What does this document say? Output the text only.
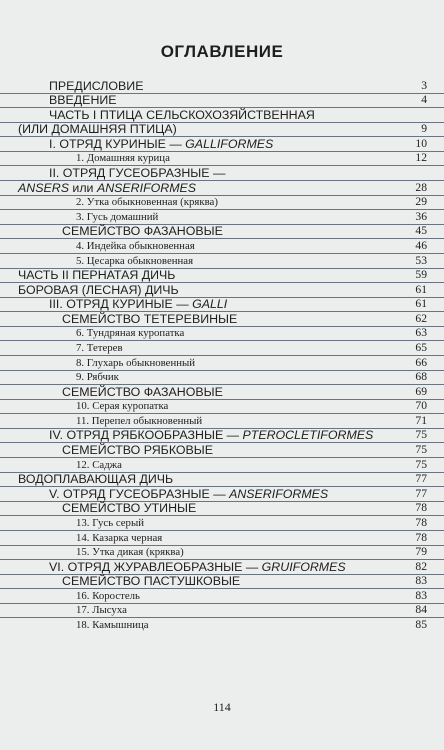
ОГЛАВЛЕНИЕ
ПРЕДИСЛОВИЕ	3
ВВЕДЕНИЕ	4
ЧАСТЬ I ПТИЦА СЕЛЬСКОХОЗЯЙСТВЕННАЯ
(ИЛИ ДОМАШНЯЯ ПТИЦА)	9
I. ОТРЯД КУРИНЫЕ — GALLIFORMES	10
1. Домашняя курица	12
II. ОТРЯД ГУСЕОБРАЗНЫЕ —
ANSERS или ANSERIFORMES	28
2. Утка обыкновенная (кряква)	29
3. Гусь домашний	36
СЕМЕЙСТВО ФАЗАНОВЫЕ	45
4. Индейка обыкновенная	46
5. Цесарка обыкновенная	53
ЧАСТЬ II ПЕРНАТАЯ ДИЧЬ	59
БОРОВАЯ (ЛЕСНАЯ) ДИЧЬ	61
III. ОТРЯД КУРИНЫЕ — GALLI	61
СЕМЕЙСТВО ТЕТЕРЕВИНЫЕ	62
6. Тундряная куропатка	63
7. Тетерев	65
8. Глухарь обыкновенный	66
9. Рябчик	68
СЕМЕЙСТВО ФАЗАНОВЫЕ	69
10. Серая куропатка	70
11. Перепел обыкновенный	71
IV. ОТРЯД РЯБКООБРАЗНЫЕ — PTEROCLETIFORMES	75
СЕМЕЙСТВО РЯБКОВЫЕ	75
12. Саджа	75
ВОДОПЛАВАЮЩАЯ ДИЧЬ	77
V. ОТРЯД ГУСЕОБРАЗНЫЕ — ANSERIFORMES	77
СЕМЕЙСТВО УТИНЫЕ	78
13. Гусь серый	78
14. Казарка черная	78
15. Утка дикая (кряква)	79
VI. ОТРЯД ЖУРАВЛЕОБРАЗНЫЕ — GRUIFORMES	82
СЕМЕЙСТВО ПАСТУШКОВЫЕ	83
16. Коростель	83
17. Лысуха	84
18. Камышница	85
114
